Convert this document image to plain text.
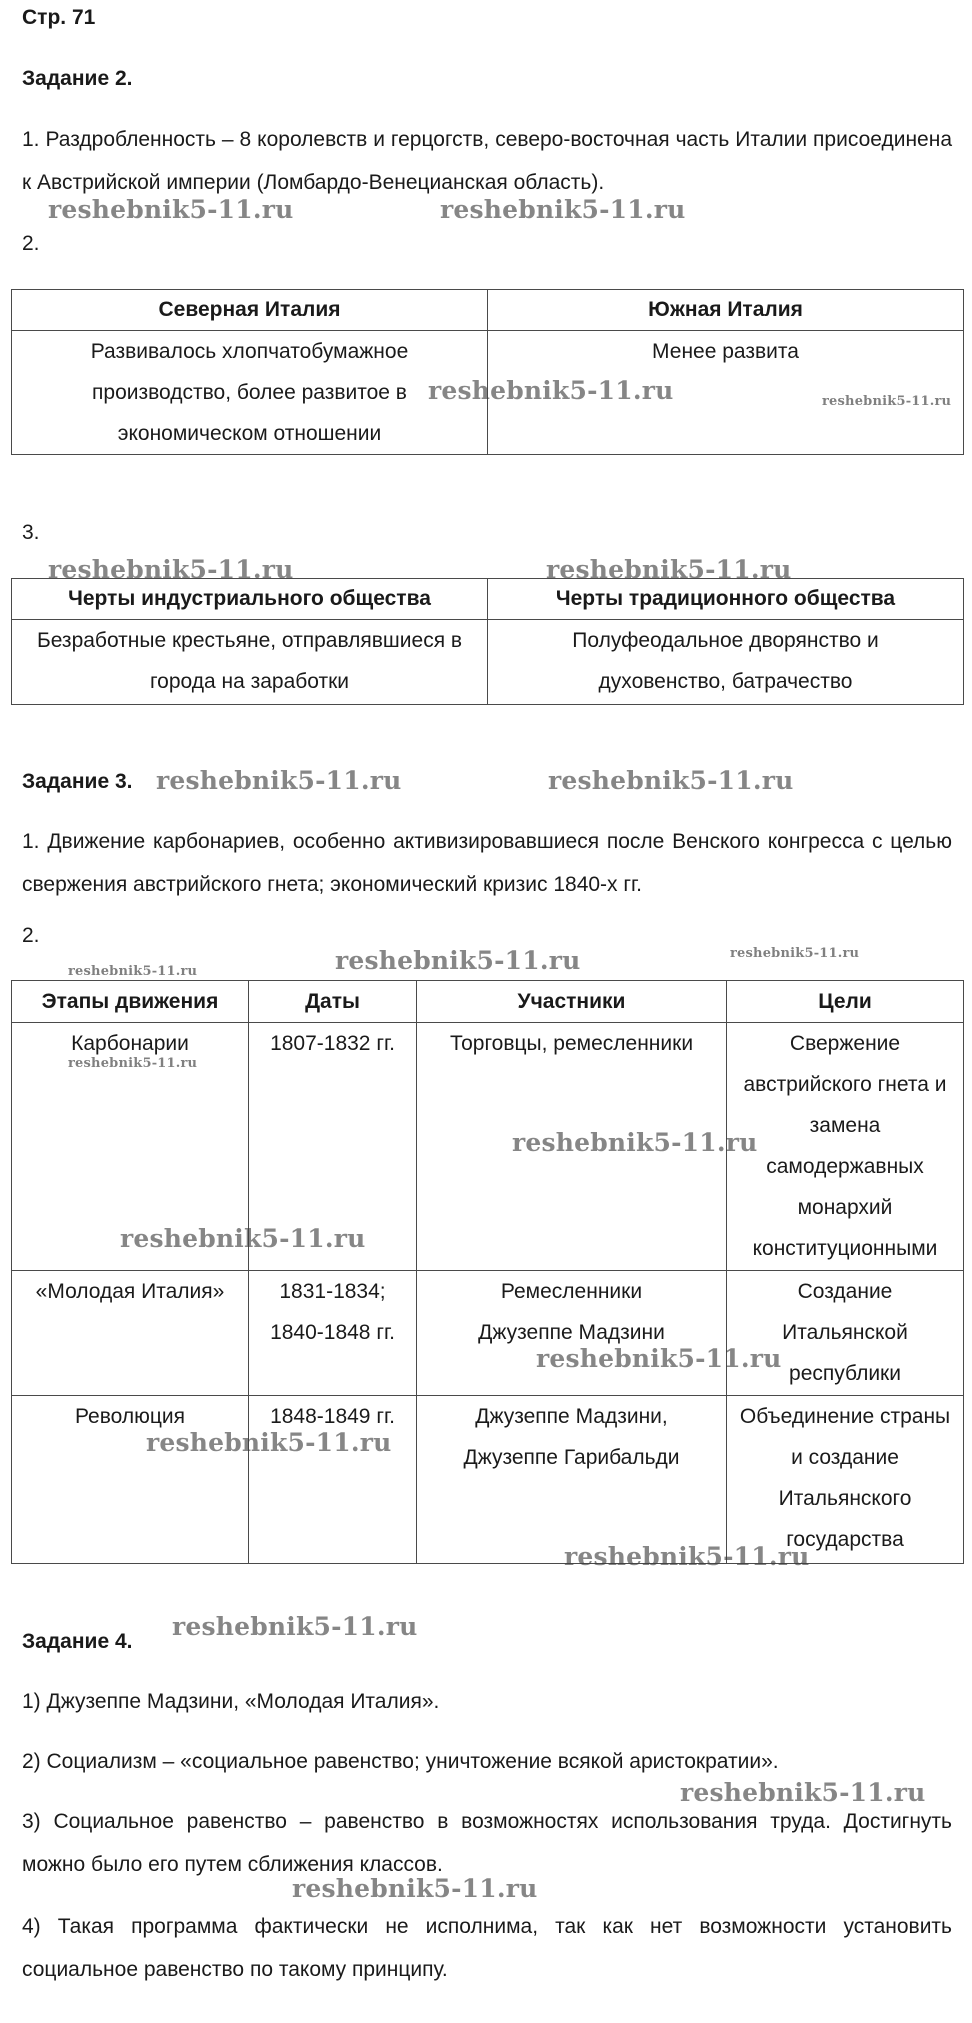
Стр. 71
Задание 2.
1. Раздробленность – 8 королевств и герцогств, северо-восточная часть Италии присоединена к Австрийской империи (Ломбардо-Венецианская область).
2.
Северная Италия	Южная Италия
Развивалось хлопчатобумажное производство, более развитое в экономическом отношении	Менее развита
3.
Черты индустриального общества	Черты традиционного общества
Безработные крестьяне, отправлявшиеся в города на заработки	Полуфеодальное дворянство и духовенство, батрачество
Задание 3.
1. Движение карбонариев, особенно активизировавшиеся после Венского конгресса с целью свержения австрийского гнета; экономический кризис 1840-х гг.
2.
Этапы движения	Даты	Участники	Цели
Карбонарии	1807-1832 гг.	Торговцы, ремесленники	Свержение австрийского гнета и замена самодержавных монархий конституционными
«Молодая Италия»	1831-1834; 1840-1848 гг.	Ремесленники Джузеппе Мадзини	Создание Итальянской республики
Революция	1848-1849 гг.	Джузеппе Мадзини, Джузеппе Гарибальди	Объединение страны и создание Итальянского государства
Задание 4.
1) Джузеппе Мадзини, «Молодая Италия».
2) Социализм – «социальное равенство; уничтожение всякой аристократии».
3) Социальное равенство – равенство в возможностях использования труда. Достигнуть можно было его путем сближения классов.
4) Такая программа фактически не исполнима, так как нет возможности установить социальное равенство по такому принципу.
reshebnik5-11.ru	reshebnik5-11.ru
reshebnik5-11.ru	reshebnik5-11.ru
reshebnik5-11.ru	reshebnik5-11.ru
reshebnik5-11.ru	reshebnik5-11.ru
reshebnik5-11.ru	reshebnik5-11.ru	reshebnik5-11.ru
reshebnik5-11.ru
reshebnik5-11.ru
reshebnik5-11.ru
reshebnik5-11.ru
reshebnik5-11.ru
reshebnik5-11.ru
reshebnik5-11.ru
reshebnik5-11.ru
reshebnik5-11.ru
